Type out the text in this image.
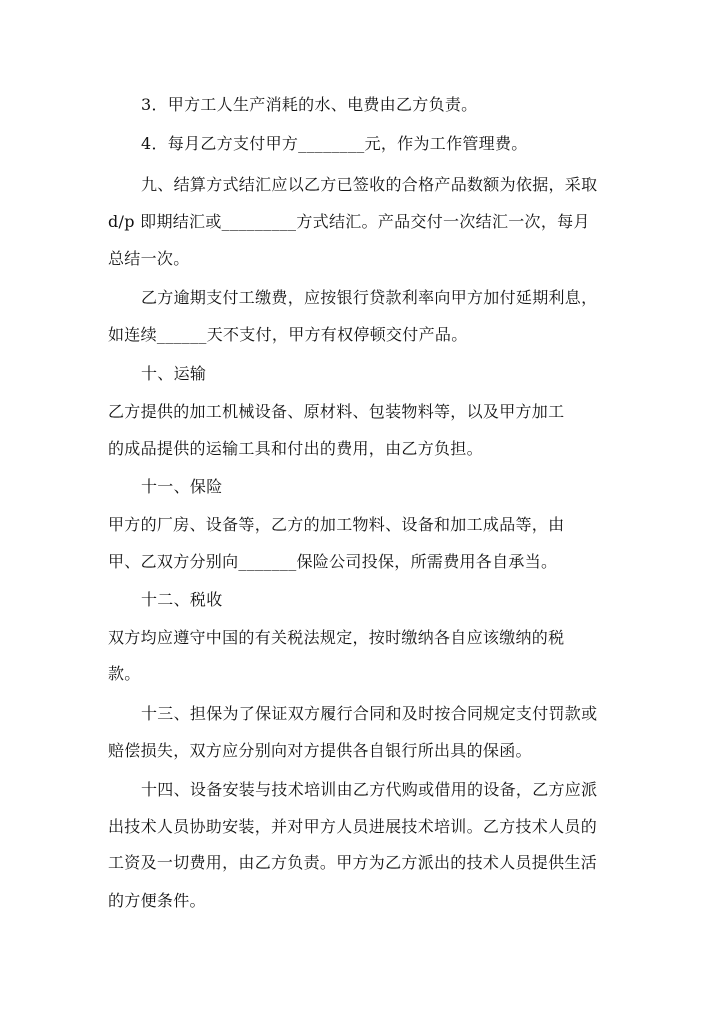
3．甲方工人生产消耗的水、电费由乙方负责。
4．每月乙方支付甲方________元，作为工作管理费。
九、结算方式结汇应以乙方已签收的合格产品数额为依据，采取
d/p 即期结汇或_________方式结汇。产品交付一次结汇一次，每月
总结一次。
乙方逾期支付工缴费，应按银行贷款利率向甲方加付延期利息，
如连续______天不支付，甲方有权停顿交付产品。
十、运输
乙方提供的加工机械设备、原材料、包装物料等，以及甲方加工
的成品提供的运输工具和付出的费用，由乙方负担。
十一、保险
甲方的厂房、设备等，乙方的加工物料、设备和加工成品等，由
甲、乙双方分别向_______保险公司投保，所需费用各自承当。
十二、税收
双方均应遵守中国的有关税法规定，按时缴纳各自应该缴纳的税
款。
十三、担保为了保证双方履行合同和及时按合同规定支付罚款或
赔偿损失，双方应分别向对方提供各自银行所出具的保函。
十四、设备安装与技术培训由乙方代购或借用的设备，乙方应派
出技术人员协助安装，并对甲方人员进展技术培训。乙方技术人员的
工资及一切费用，由乙方负责。甲方为乙方派出的技术人员提供生活
的方便条件。
